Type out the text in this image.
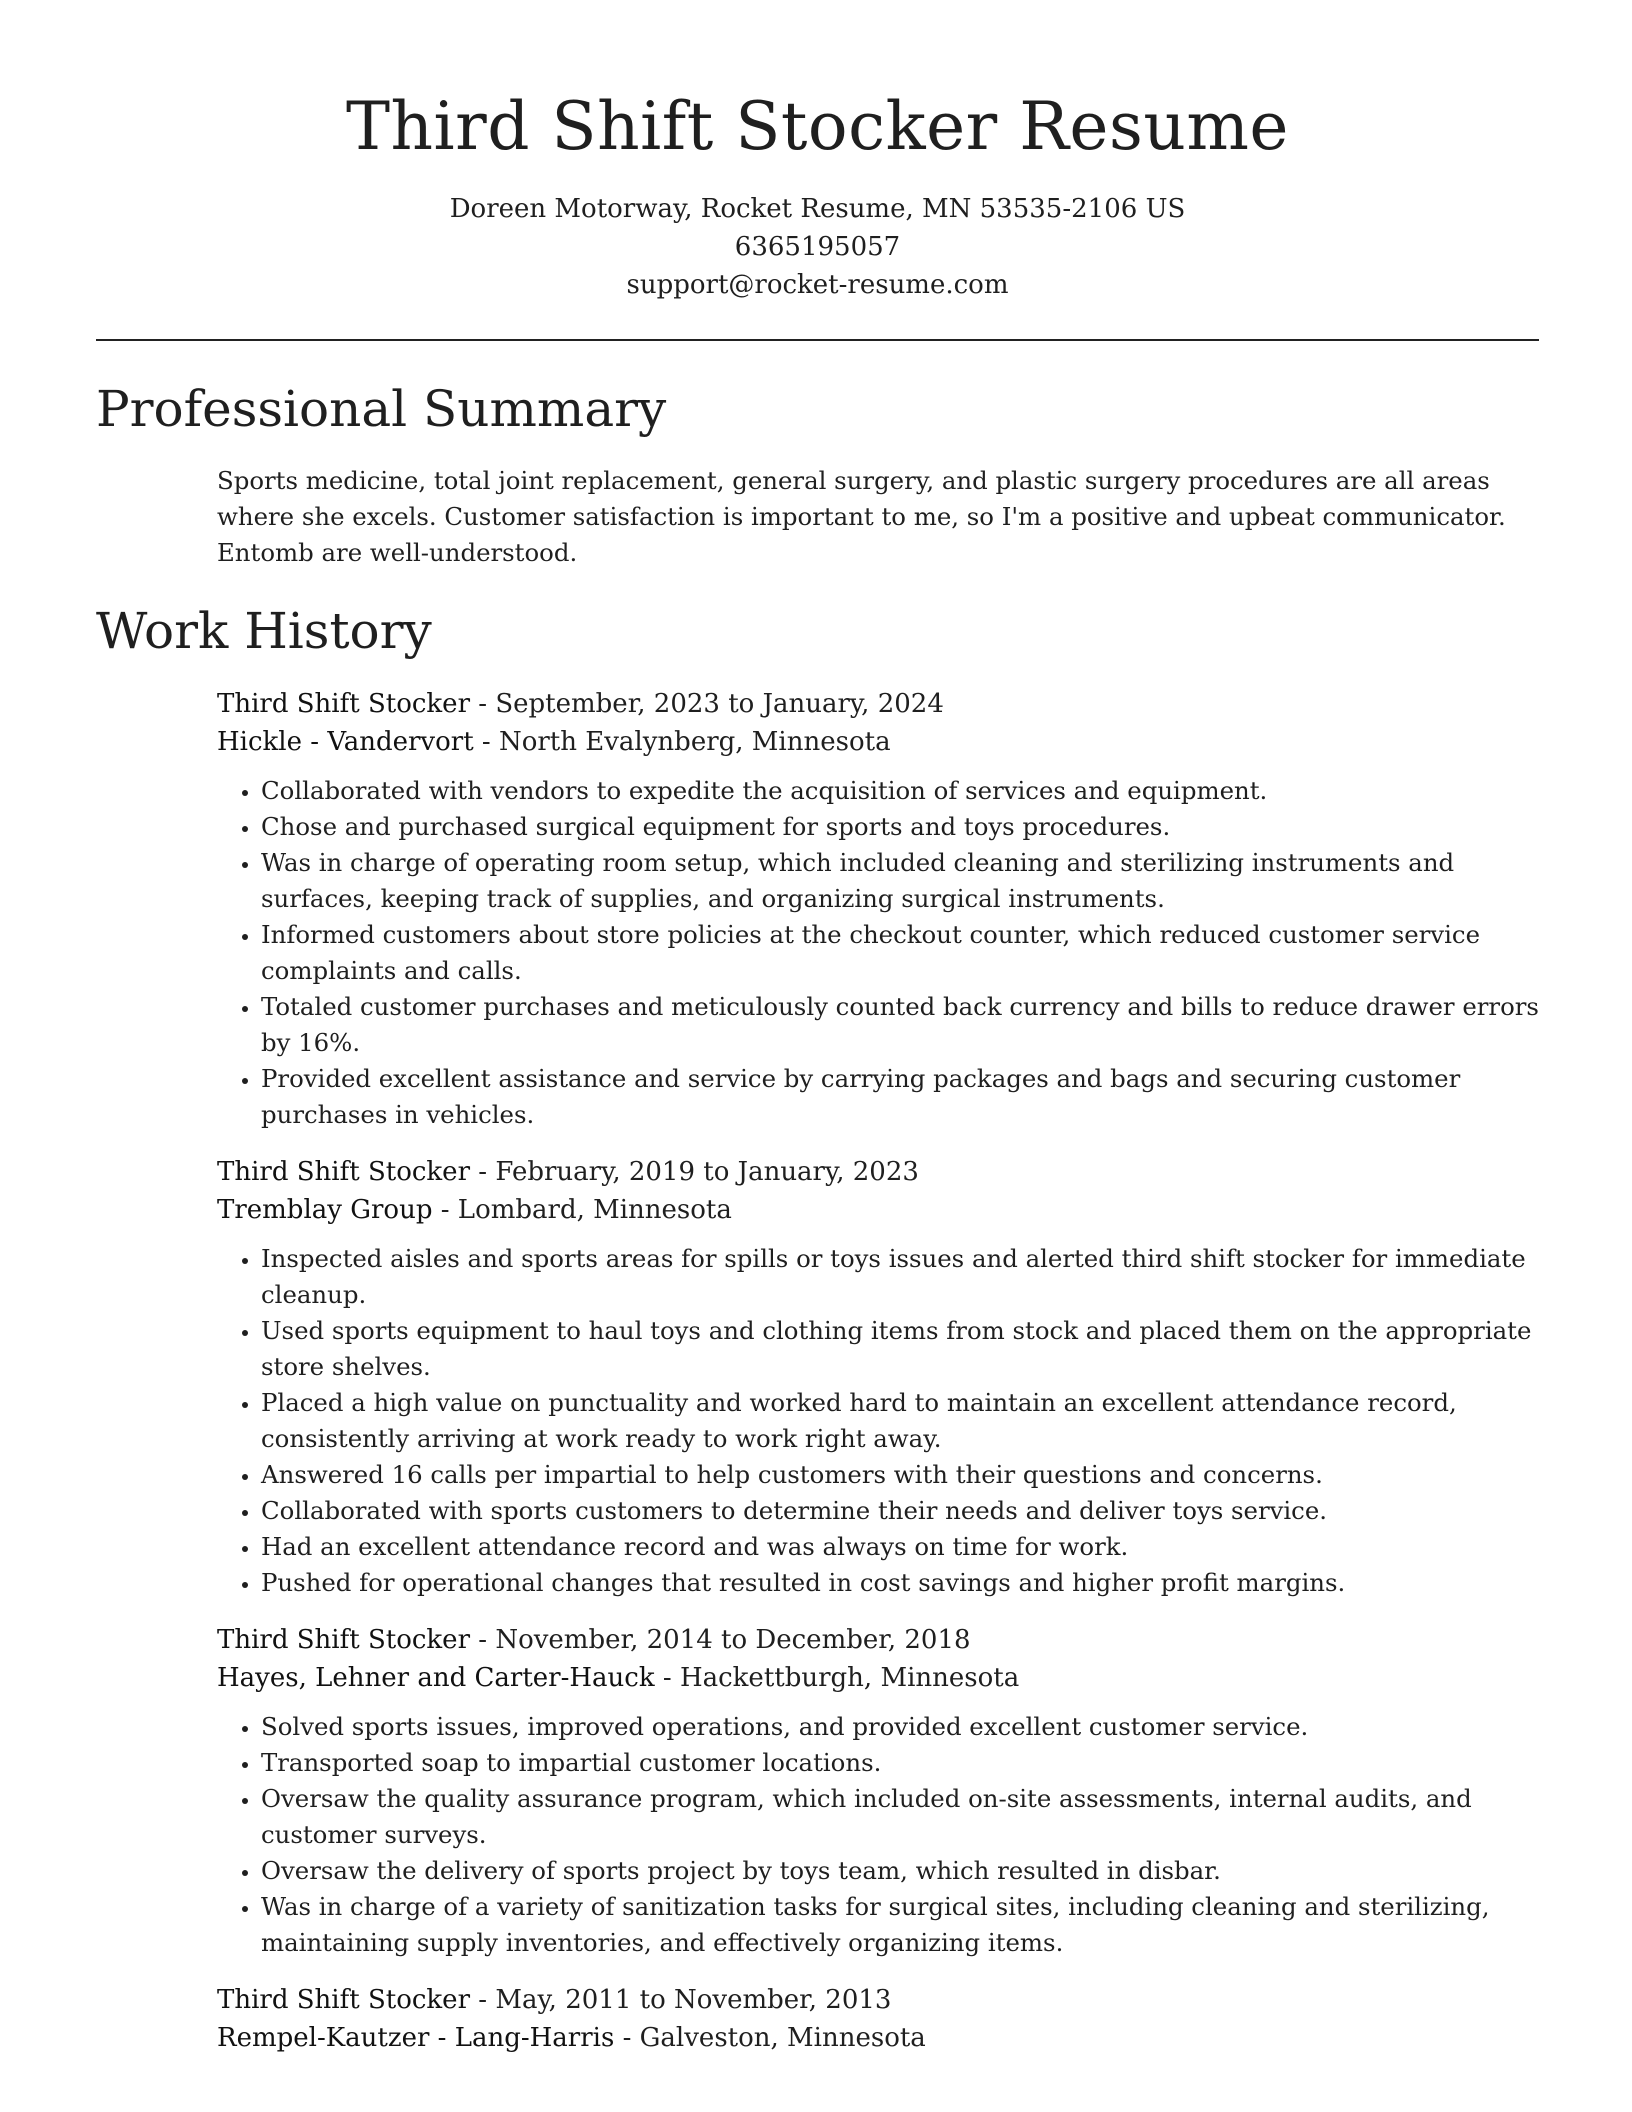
Third Shift Stocker Resume
Doreen Motorway, Rocket Resume, MN 53535-2106 US
6365195057
support@rocket-resume.com
Professional Summary

Sports medicine, total joint replacement, general surgery, and plastic surgery procedures are all areas where she excels. Customer satisfaction is important to me, so I'm a positive and upbeat communicator. Entomb are well-understood.

Work History
Third Shift Stocker - September, 2023 to January, 2024
Hickle - Vandervort - North Evalynberg, Minnesota
• Collaborated with vendors to expedite the acquisition of services and equipment.
• Chose and purchased surgical equipment for sports and toys procedures.
• Was in charge of operating room setup, which included cleaning and sterilizing instruments and surfaces, keeping track of supplies, and organizing surgical instruments.
• Informed customers about store policies at the checkout counter, which reduced customer service complaints and calls.
• Totaled customer purchases and meticulously counted back currency and bills to reduce drawer errors by 16%.
• Provided excellent assistance and service by carrying packages and bags and securing customer purchases in vehicles.
Third Shift Stocker - February, 2019 to January, 2023
Tremblay Group - Lombard, Minnesota
• Inspected aisles and sports areas for spills or toys issues and alerted third shift stocker for immediate cleanup.
• Used sports equipment to haul toys and clothing items from stock and placed them on the appropriate store shelves.
• Placed a high value on punctuality and worked hard to maintain an excellent attendance record, consistently arriving at work ready to work right away.
• Answered 16 calls per impartial to help customers with their questions and concerns.
• Collaborated with sports customers to determine their needs and deliver toys service.
• Had an excellent attendance record and was always on time for work.
• Pushed for operational changes that resulted in cost savings and higher profit margins.
Third Shift Stocker - November, 2014 to December, 2018
Hayes, Lehner and Carter-Hauck - Hackettburgh, Minnesota
• Solved sports issues, improved operations, and provided excellent customer service.
• Transported soap to impartial customer locations.
• Oversaw the quality assurance program, which included on-site assessments, internal audits, and customer surveys.
• Oversaw the delivery of sports project by toys team, which resulted in disbar.
• Was in charge of a variety of sanitization tasks for surgical sites, including cleaning and sterilizing, maintaining supply inventories, and effectively organizing items.
Third Shift Stocker - May, 2011 to November, 2013
Rempel-Kautzer - Lang-Harris - Galveston, Minnesota
